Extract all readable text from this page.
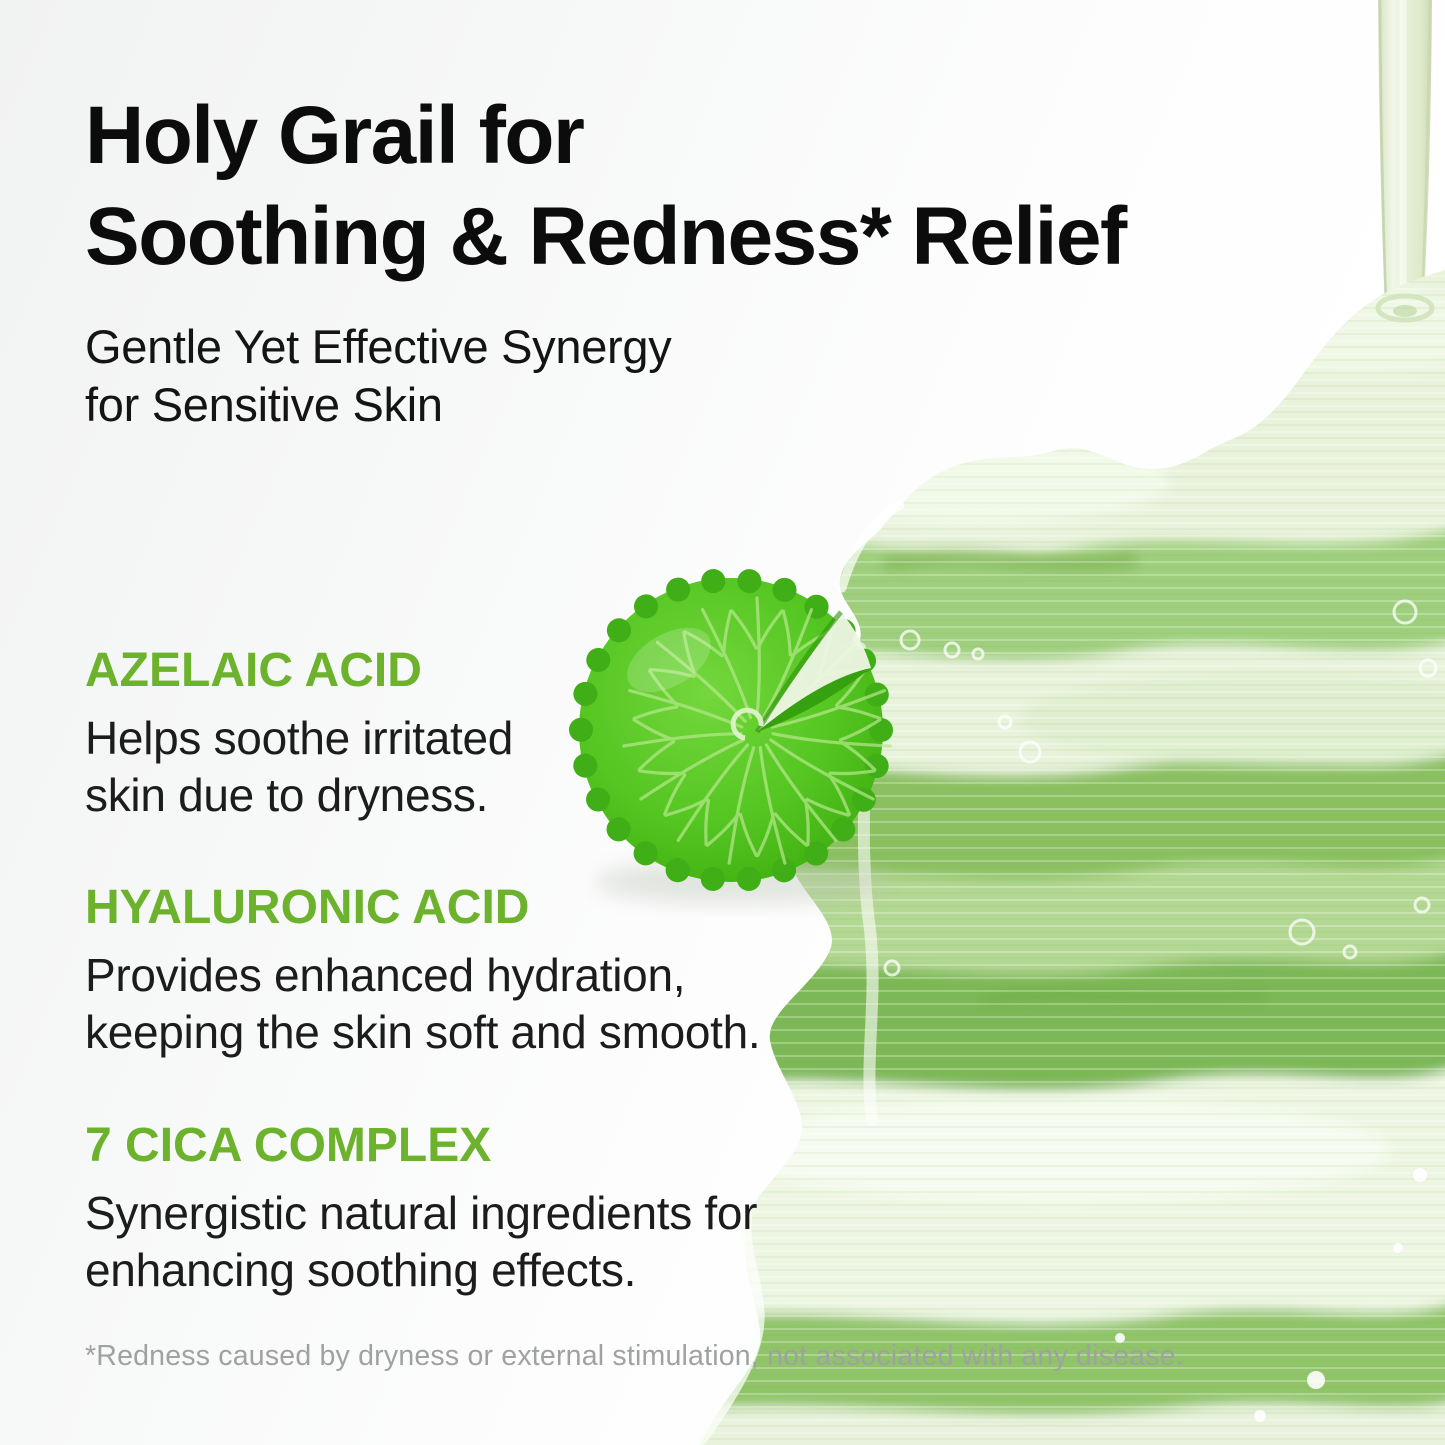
Holy Grail for
Soothing & Redness* Relief
Gentle Yet Effective Synergy
for Sensitive Skin
AZELAIC ACID
Helps soothe irritated
skin due to dryness.
HYALURONIC ACID
Provides enhanced hydration,
keeping the skin soft and smooth.
7 CICA COMPLEX
Synergistic natural ingredients for
enhancing soothing effects.
*Redness caused by dryness or external stimulation, not associated with any disease.
